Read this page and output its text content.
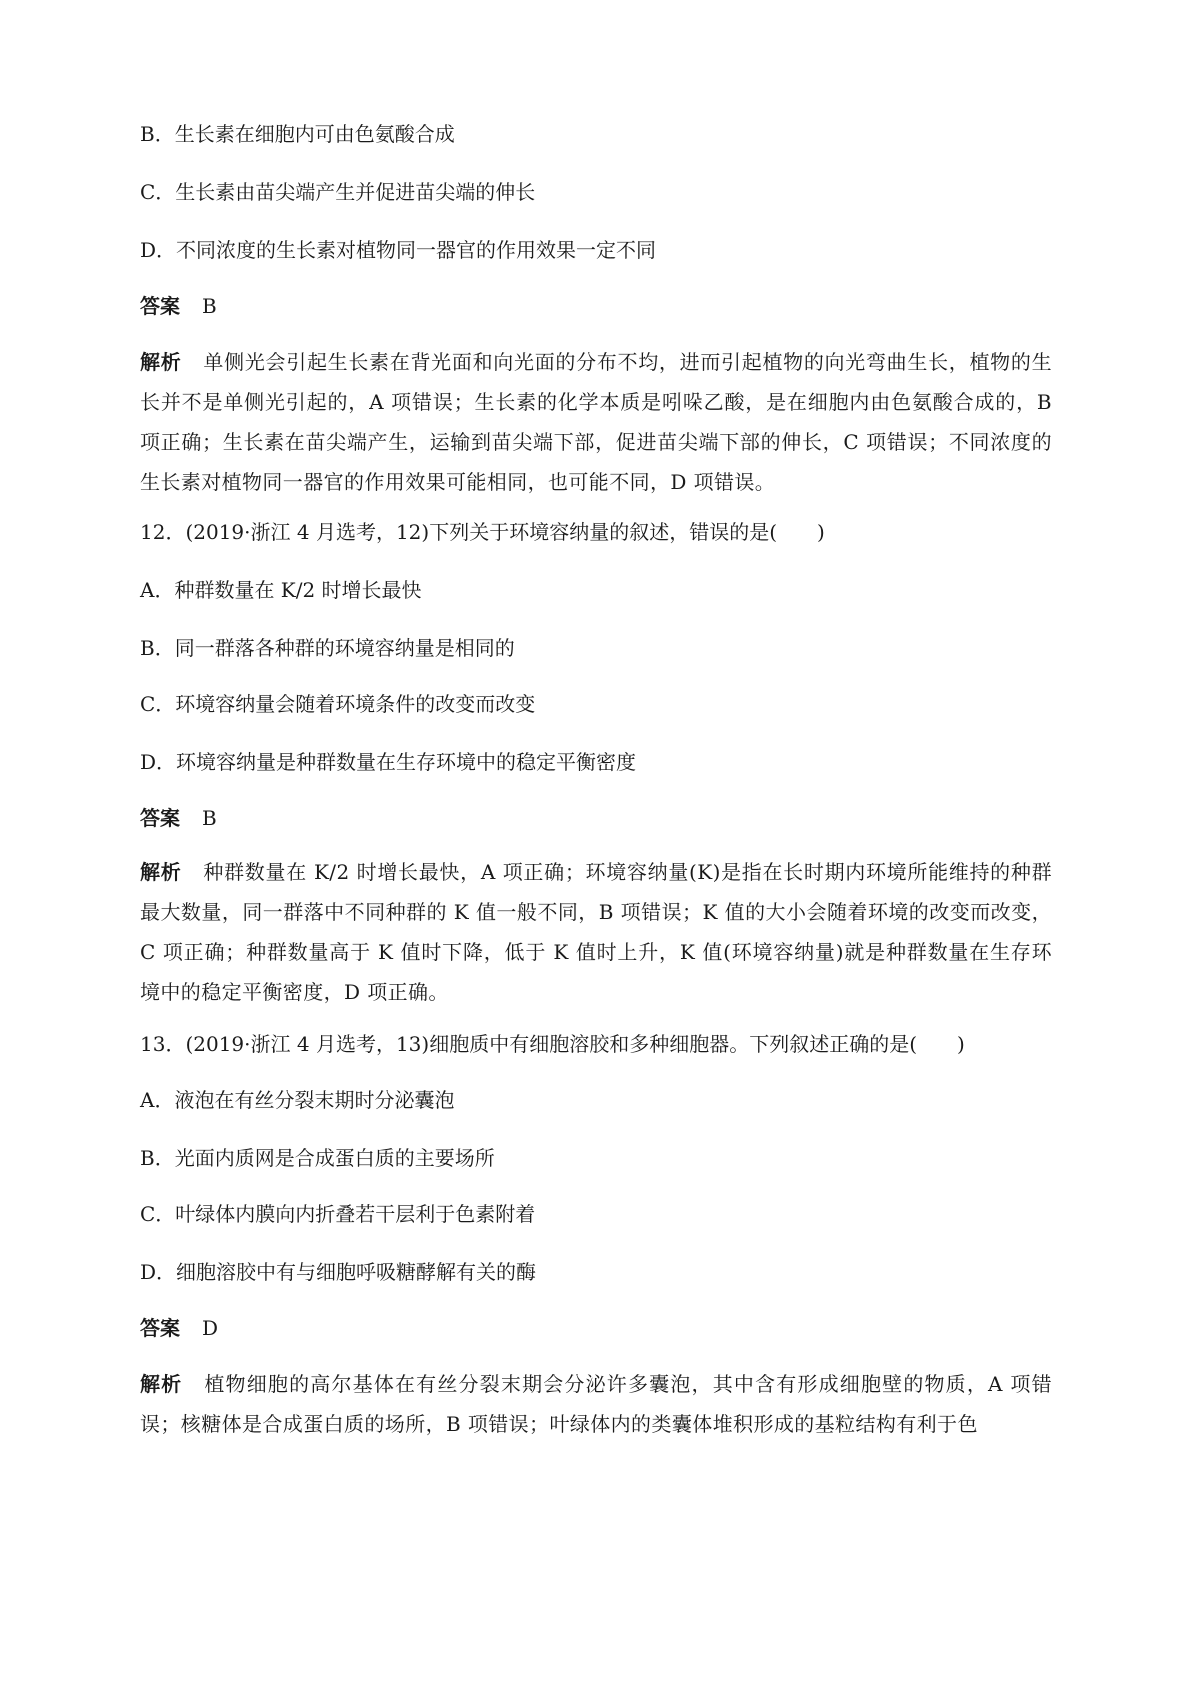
B．生长素在细胞内可由色氨酸合成
C．生长素由苗尖端产生并促进苗尖端的伸长
D．不同浓度的生长素对植物同一器官的作用效果一定不同
答案 B
解析 单侧光会引起生长素在背光面和向光面的分布不均，进而引起植物的向光弯曲生长，植物的生长并不是单侧光引起的，A 项错误；生长素的化学本质是吲哚乙酸，是在细胞内由色氨酸合成的，B 项正确；生长素在苗尖端产生，运输到苗尖端下部，促进苗尖端下部的伸长，C 项错误；不同浓度的生长素对植物同一器官的作用效果可能相同，也可能不同，D 项错误。
12．(2019·浙江 4 月选考，12)下列关于环境容纳量的叙述，错误的是(　　)
A．种群数量在 K/2 时增长最快
B．同一群落各种群的环境容纳量是相同的
C．环境容纳量会随着环境条件的改变而改变
D．环境容纳量是种群数量在生存环境中的稳定平衡密度
答案 B
解析 种群数量在 K/2 时增长最快，A 项正确；环境容纳量(K)是指在长时期内环境所能维持的种群最大数量，同一群落中不同种群的 K 值一般不同，B 项错误；K 值的大小会随着环境的改变而改变，C 项正确；种群数量高于 K 值时下降，低于 K 值时上升，K 值(环境容纳量)就是种群数量在生存环境中的稳定平衡密度，D 项正确。
13．(2019·浙江 4 月选考，13)细胞质中有细胞溶胶和多种细胞器。下列叙述正确的是(　　)
A．液泡在有丝分裂末期时分泌囊泡
B．光面内质网是合成蛋白质的主要场所
C．叶绿体内膜向内折叠若干层利于色素附着
D．细胞溶胶中有与细胞呼吸糖酵解有关的酶
答案 D
解析 植物细胞的高尔基体在有丝分裂末期会分泌许多囊泡，其中含有形成细胞壁的物质，A 项错误；核糖体是合成蛋白质的场所，B 项错误；叶绿体内的类囊体堆积形成的基粒结构有利于色
